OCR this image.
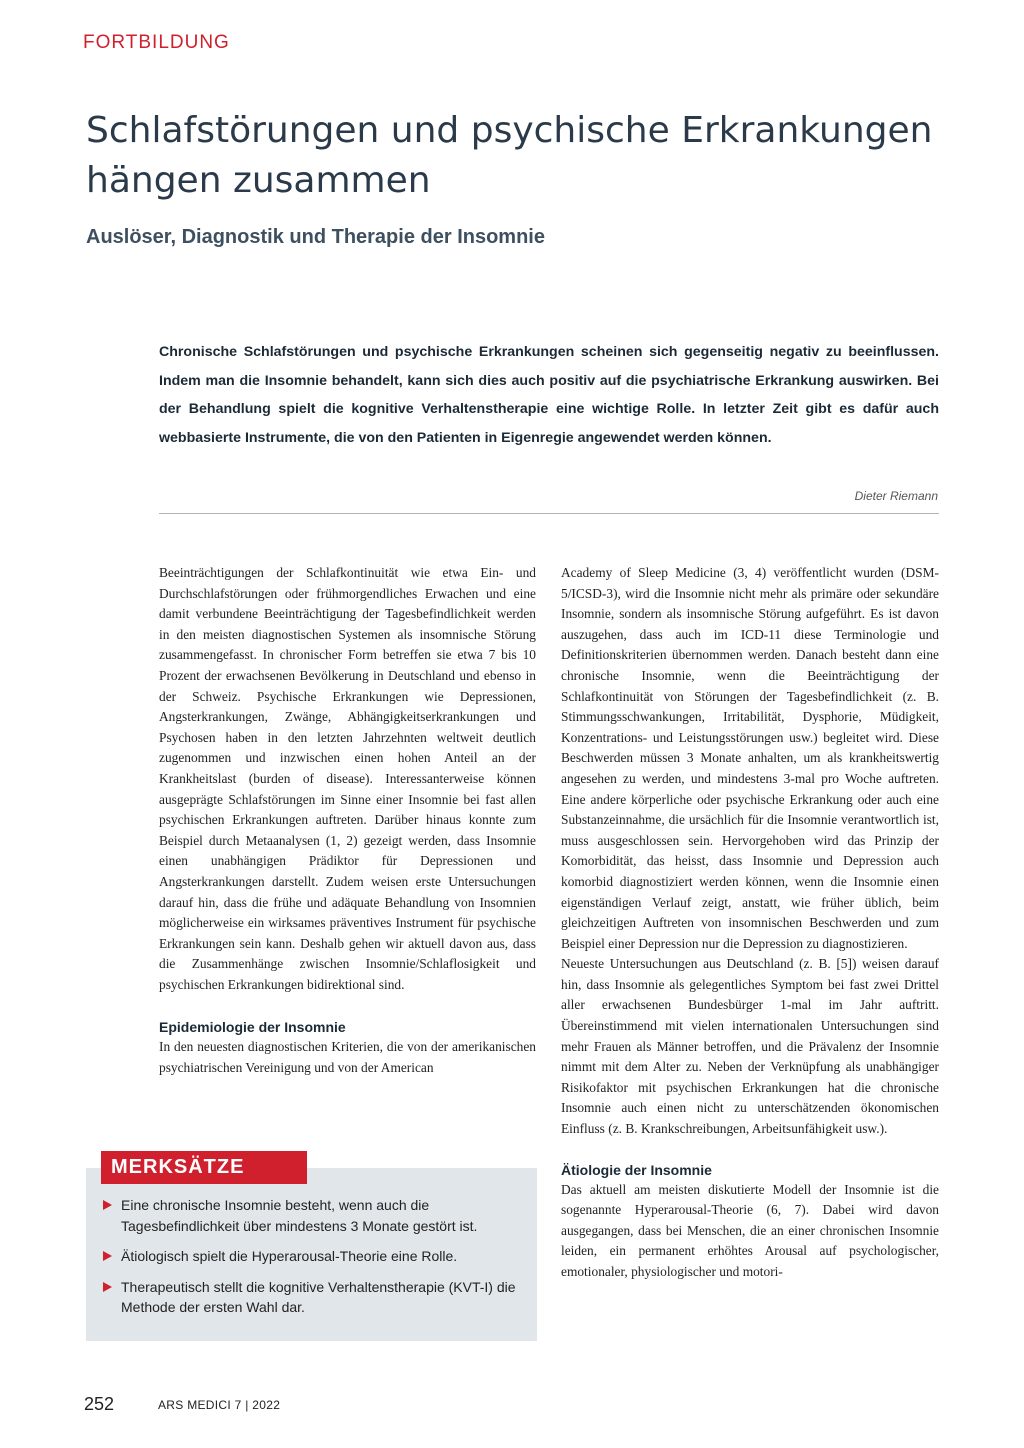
FORTBILDUNG
Schlafstörungen und psychische Erkrankungen hängen zusammen
Auslöser, Diagnostik und Therapie der Insomnie

Chronische Schlafstörungen und psychische Erkrankungen scheinen sich gegenseitig negativ zu beeinflussen. Indem man die Insomnie behandelt, kann sich dies auch positiv auf die psychiatrische Erkrankung auswirken. Bei der Behandlung spielt die kognitive Verhaltenstherapie eine wichtige Rolle. In letzter Zeit gibt es dafür auch webbasierte Instrumente, die von den Patienten in Eigenregie angewendet werden können.

Dieter Riemann

Beeinträchtigungen der Schlafkontinuität wie etwa Ein- und Durchschlafstörungen oder frühmorgendliches Erwachen und eine damit verbundene Beeinträchtigung der Tagesbefindlichkeit werden in den meisten diagnostischen Systemen als insomnische Störung zusammengefasst. In chronischer Form betreffen sie etwa 7 bis 10 Prozent der erwachsenen Bevölkerung in Deutschland und ebenso in der Schweiz. Psychische Erkrankungen wie Depressionen, Angsterkrankungen, Zwänge, Abhängigkeitserkrankungen und Psychosen haben in den letzten Jahrzehnten weltweit deutlich zugenommen und inzwischen einen hohen Anteil an der Krankheitslast (burden of disease). Interessanterweise können ausgeprägte Schlafstörungen im Sinne einer Insomnie bei fast allen psychischen Erkrankungen auftreten. Darüber hinaus konnte zum Beispiel durch Metaanalysen (1, 2) gezeigt werden, dass Insomnie einen unabhängigen Prädiktor für Depressionen und Angsterkrankungen darstellt. Zudem weisen erste Untersuchungen darauf hin, dass die frühe und adäquate Behandlung von Insomnien möglicherweise ein wirksames präventives Instrument für psychische Erkrankungen sein kann. Deshalb gehen wir aktuell davon aus, dass die Zusammenhänge zwischen Insomnie/Schlaflosigkeit und psychischen Erkrankungen bidirektional sind.

Epidemiologie der Insomnie

In den neuesten diagnostischen Kriterien, die von der amerikanischen psychiatrischen Vereinigung und von der American

Academy of Sleep Medicine (3, 4) veröffentlicht wurden (DSM-5/ICSD-3), wird die Insomnie nicht mehr als primäre oder sekundäre Insomnie, sondern als insomnische Störung aufgeführt. Es ist davon auszugehen, dass auch im ICD-11 diese Terminologie und Definitionskriterien übernommen werden. Danach besteht dann eine chronische Insomnie, wenn die Beeinträchtigung der Schlafkontinuität von Störungen der Tagesbefindlichkeit (z. B. Stimmungsschwankungen, Irritabilität, Dysphorie, Müdigkeit, Konzentrations- und Leistungsstörungen usw.) begleitet wird. Diese Beschwerden müssen 3 Monate anhalten, um als krankheitswertig angesehen zu werden, und mindestens 3-mal pro Woche auftreten. Eine andere körperliche oder psychische Erkrankung oder auch eine Substanzeinnahme, die ursächlich für die Insomnie verantwortlich ist, muss ausgeschlossen sein. Hervorgehoben wird das Prinzip der Komorbidität, das heisst, dass Insomnie und Depression auch komorbid diagnostiziert werden können, wenn die Insomnie einen eigenständigen Verlauf zeigt, anstatt, wie früher üblich, beim gleichzeitigen Auftreten von insomnischen Beschwerden und zum Beispiel einer Depression nur die Depression zu diagnostizieren.

Neueste Untersuchungen aus Deutschland (z. B. [5]) weisen darauf hin, dass Insomnie als gelegentliches Symptom bei fast zwei Drittel aller erwachsenen Bundesbürger 1-mal im Jahr auftritt. Übereinstimmend mit vielen internationalen Untersuchungen sind mehr Frauen als Männer betroffen, und die Prävalenz der Insomnie nimmt mit dem Alter zu. Neben der Verknüpfung als unabhängiger Risikofaktor mit psychischen Erkrankungen hat die chronische Insomnie auch einen nicht zu unterschätzenden ökonomischen Einfluss (z. B. Krankschreibungen, Arbeitsunfähigkeit usw.).

Ätiologie der Insomnie

Das aktuell am meisten diskutierte Modell der Insomnie ist die sogenannte Hyperarousal-Theorie (6, 7). Dabei wird davon ausgegangen, dass bei Menschen, die an einer chronischen Insomnie leiden, ein permanent erhöhtes Arousal auf psychologischer, emotionaler, physiologischer und motori-

MERKSÄTZE
Eine chronische Insomnie besteht, wenn auch die Tagesbefindlichkeit über mindestens 3 Monate gestört ist.
Ätiologisch spielt die Hyperarousal-Theorie eine Rolle.
Therapeutisch stellt die kognitive Verhaltenstherapie (KVT-I) die Methode der ersten Wahl dar.
252	ARS MEDICI 7 | 2022
